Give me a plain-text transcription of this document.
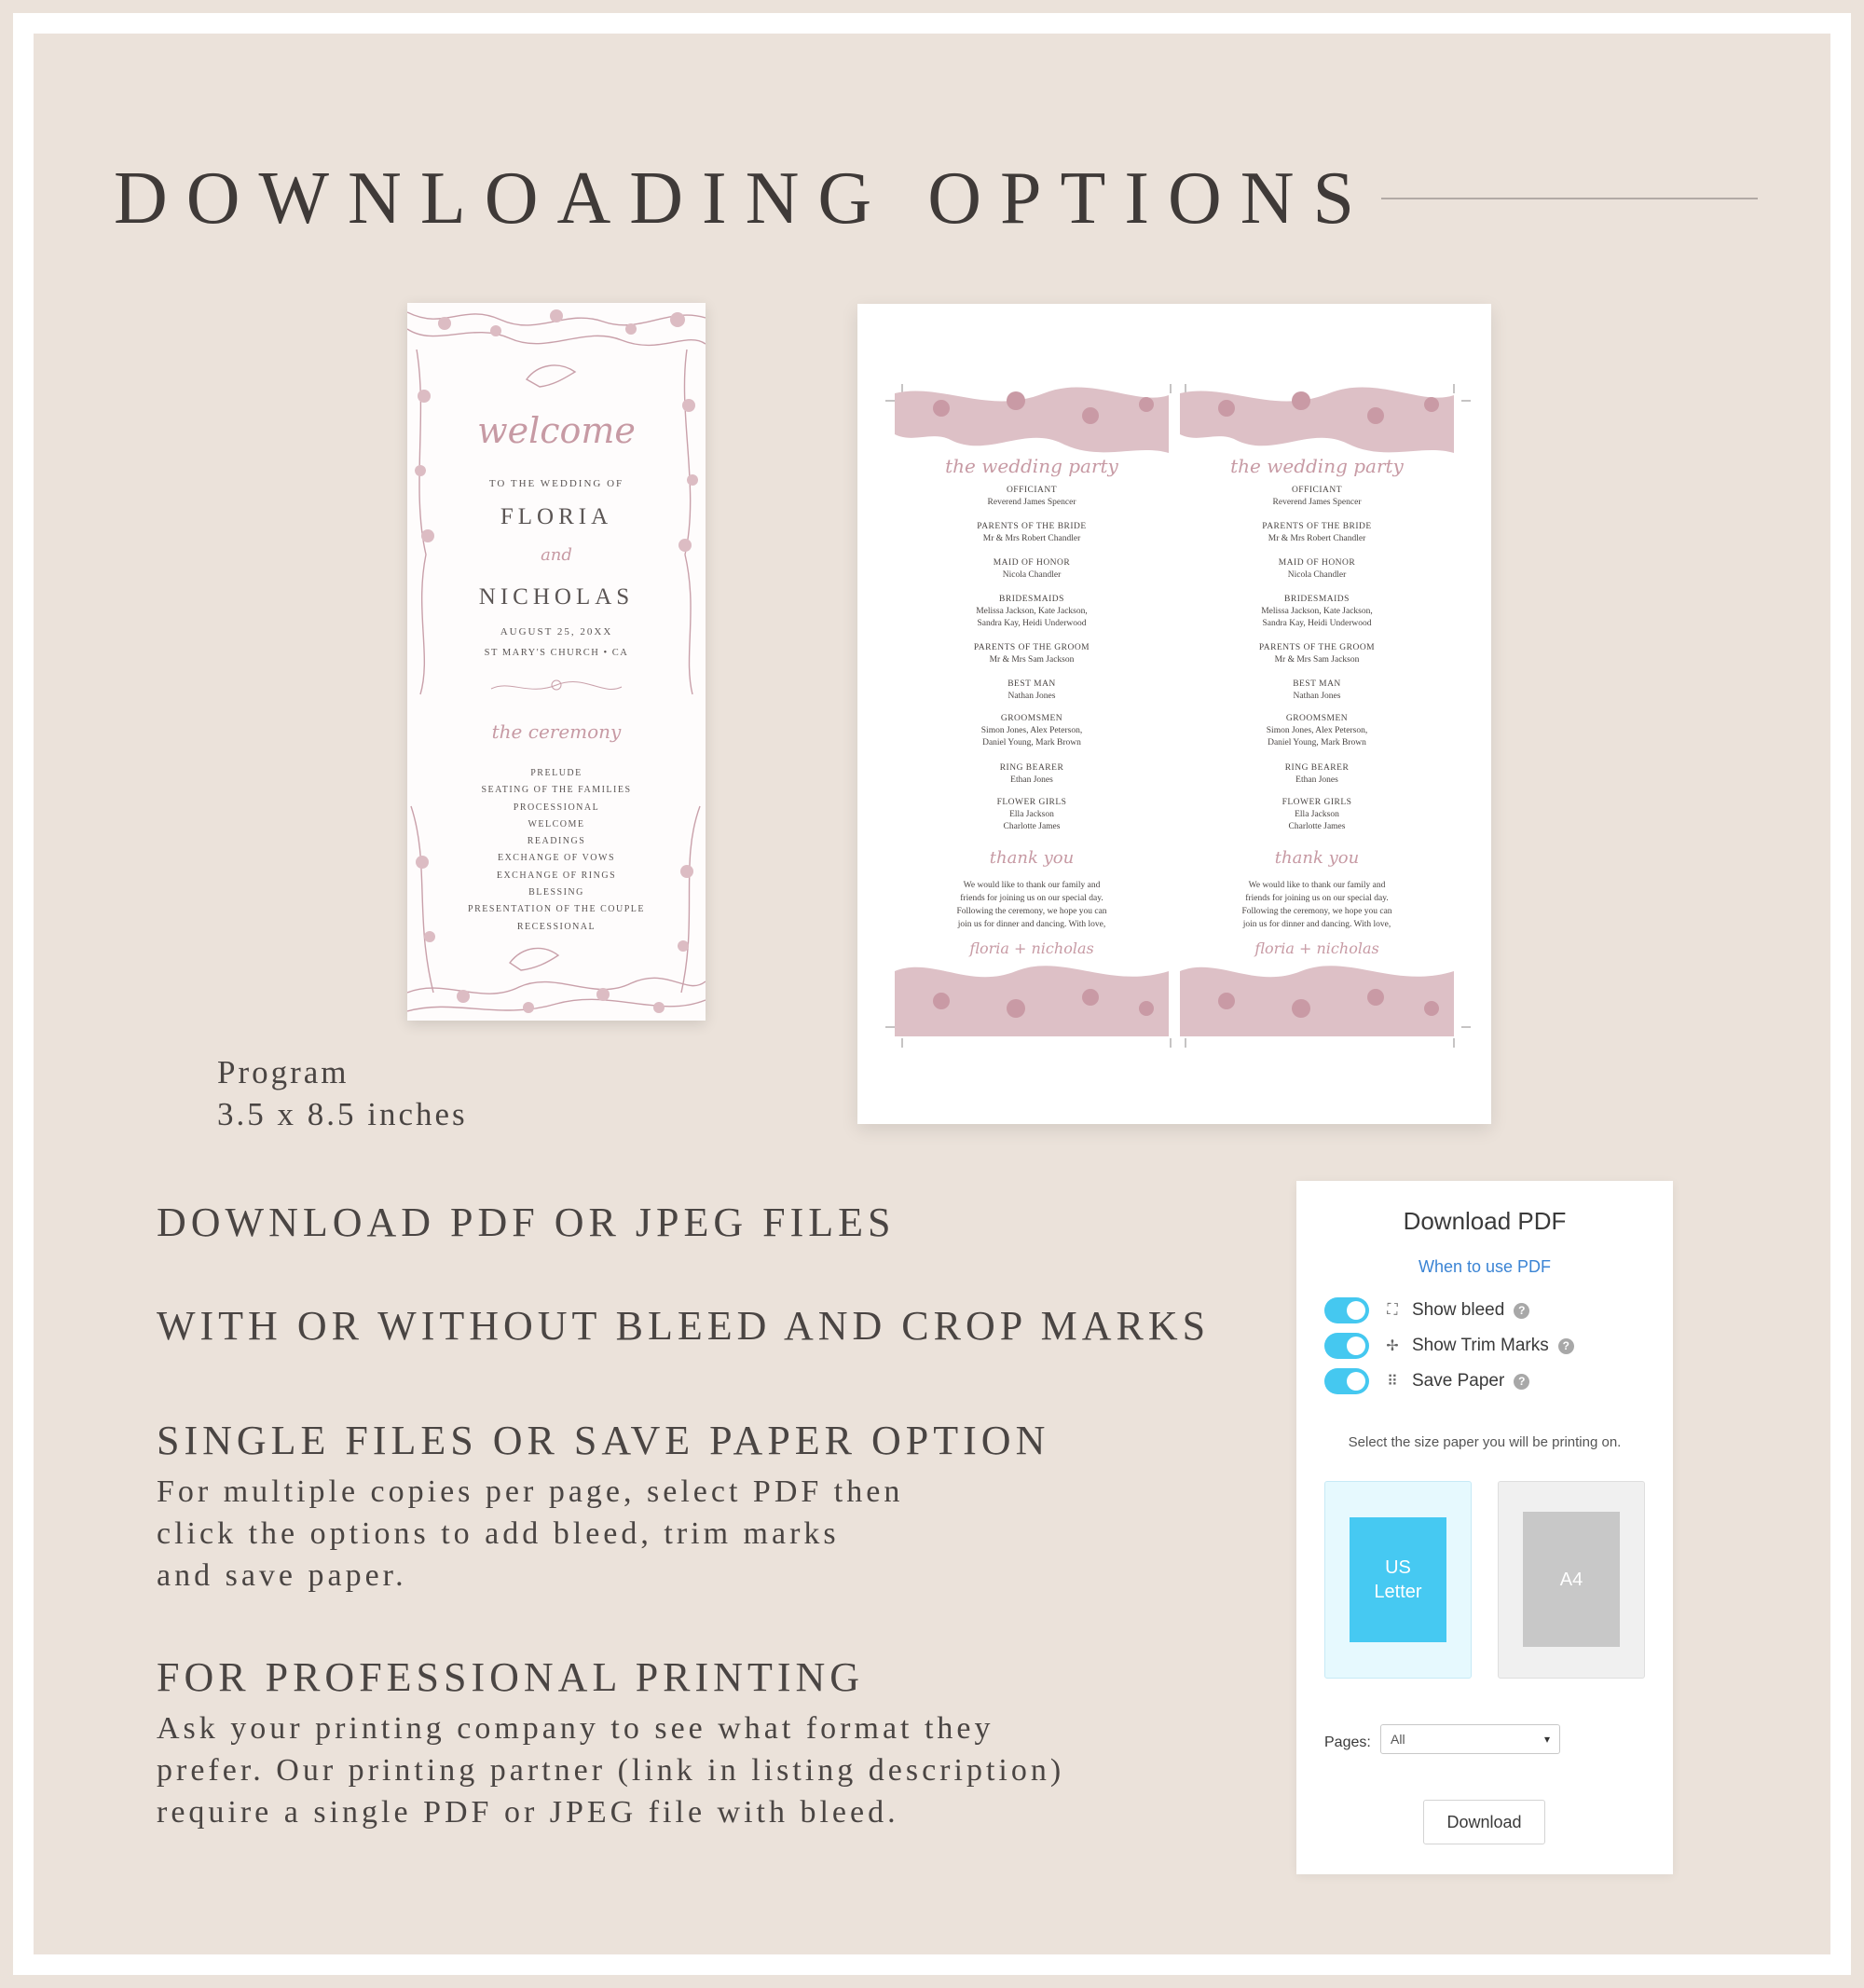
DOWNLOADING OPTIONS
welcome
TO THE WEDDING OF
FLORIA
and
NICHOLAS
AUGUST 25, 20XX
ST MARY'S CHURCH • CA
the ceremony
PRELUDE
SEATING OF THE FAMILIES
PROCESSIONAL
WELCOME
READINGS
EXCHANGE OF VOWS
EXCHANGE OF RINGS
BLESSING
PRESENTATION OF THE COUPLE
RECESSIONAL
Program
3.5 x 8.5 inches
the wedding party
OFFICIANT
Reverend James Spencer
PARENTS OF THE BRIDE
Mr & Mrs Robert Chandler
MAID OF HONOR
Nicola Chandler
BRIDESMAIDS
Melissa Jackson, Kate Jackson,
Sandra Kay, Heidi Underwood
PARENTS OF THE GROOM
Mr & Mrs Sam Jackson
BEST MAN
Nathan Jones
GROOMSMEN
Simon Jones, Alex Peterson,
Daniel Young, Mark Brown
RING BEARER
Ethan Jones
FLOWER GIRLS
Ella Jackson
Charlotte James
thank you
We would like to thank our family and
friends for joining us on our special day.
Following the ceremony, we hope you can
join us for dinner and dancing. With love,
floria + nicholas
the wedding party
OFFICIANT
Reverend James Spencer
PARENTS OF THE BRIDE
Mr & Mrs Robert Chandler
MAID OF HONOR
Nicola Chandler
BRIDESMAIDS
Melissa Jackson, Kate Jackson,
Sandra Kay, Heidi Underwood
PARENTS OF THE GROOM
Mr & Mrs Sam Jackson
BEST MAN
Nathan Jones
GROOMSMEN
Simon Jones, Alex Peterson,
Daniel Young, Mark Brown
RING BEARER
Ethan Jones
FLOWER GIRLS
Ella Jackson
Charlotte James
thank you
We would like to thank our family and
friends for joining us on our special day.
Following the ceremony, we hope you can
join us for dinner and dancing. With love,
floria + nicholas
DOWNLOAD PDF OR JPEG FILES
WITH OR WITHOUT BLEED AND CROP MARKS
SINGLE FILES OR SAVE PAPER OPTION
For multiple copies per page, select PDF then
click the options to add bleed, trim marks
and save paper.
FOR PROFESSIONAL PRINTING
Ask your printing company to see what format they
prefer. Our printing partner (link in listing description)
require a single PDF or JPEG file with bleed.
Download PDF
When to use PDF
⛶ Show bleed	?
✢ Show Trim Marks	?
⠿ Save Paper	?
Select the size paper you will be printing on.
US
Letter
A4
Pages: All	▾
Download
